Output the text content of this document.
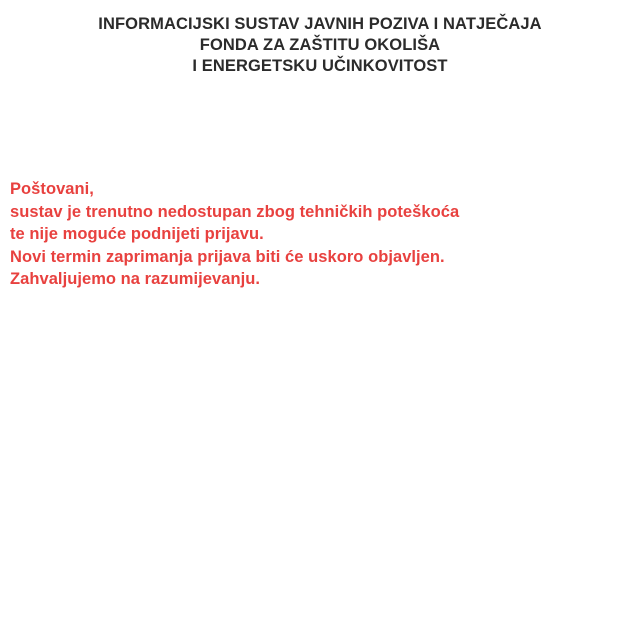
INFORMACIJSKI SUSTAV JAVNIH POZIVA I NATJEČAJA
FONDA ZA ZAŠTITU OKOLIŠA
I ENERGETSKU UČINKOVITOST
Poštovani,
sustav je trenutno nedostupan zbog tehničkih poteškoća
te nije moguće podnijeti prijavu.
Novi termin zaprimanja prijava biti će uskoro objavljen.
Zahvaljujemo na razumijevanju.
